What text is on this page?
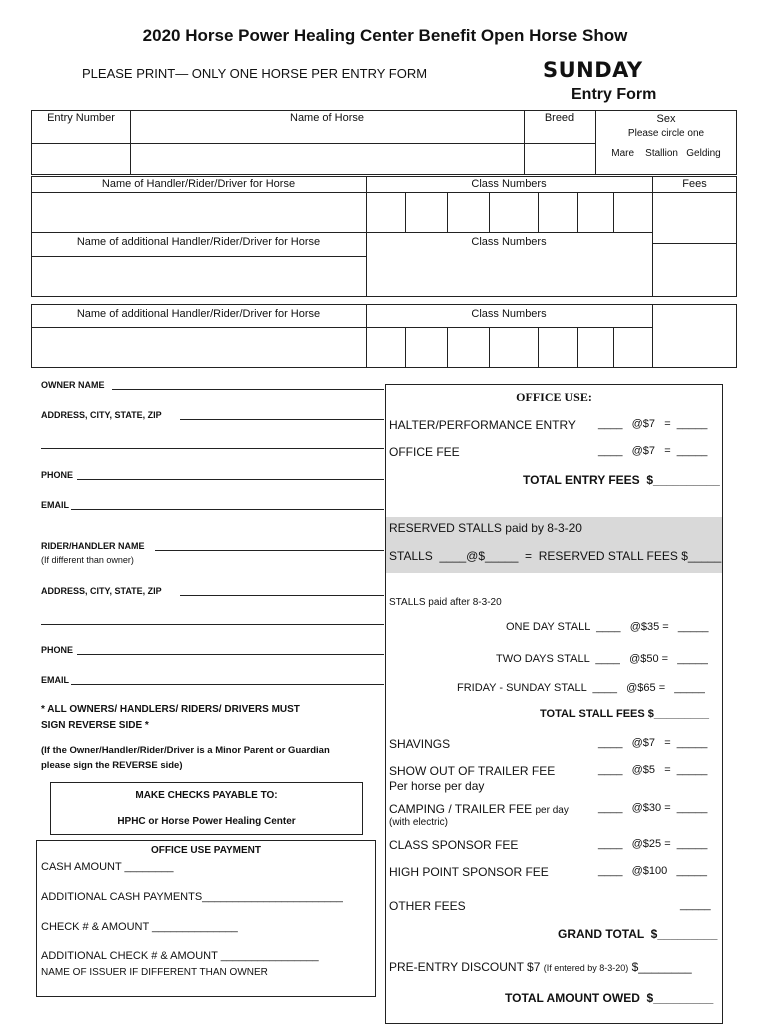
2020 Horse Power Healing Center Benefit Open Horse Show
PLEASE PRINT— ONLY ONE HORSE PER ENTRY FORM	SUNDAY
Entry Form
Entry Number	Name of Horse	Breed	Sex
Please circle one
Mare    Stallion   Gelding
Name of Handler/Rider/Driver for Horse	Class Numbers	Fees
Name of additional Handler/Rider/Driver for Horse	Class Numbers
Name of additional Handler/Rider/Driver for Horse	Class Numbers
OWNER NAME
ADDRESS, CITY, STATE, ZIP
PHONE
EMAIL
RIDER/HANDLER NAME
(If different than owner)
ADDRESS, CITY, STATE, ZIP
PHONE
EMAIL
* ALL OWNERS/ HANDLERS/ RIDERS/ DRIVERS MUST
SIGN REVERSE SIDE *
(If the Owner/Handler/Rider/Driver is a Minor Parent or Guardian
please sign the REVERSE side)
MAKE CHECKS PAYABLE TO:
HPHC or Horse Power Healing Center
OFFICE USE PAYMENT
CASH AMOUNT ________
ADDITIONAL CASH PAYMENTS_______________________
CHECK # & AMOUNT ______________
ADDITIONAL CHECK # & AMOUNT ________________
NAME OF ISSUER IF DIFFERENT THAN OWNER
OFFICE USE:
HALTER/PERFORMANCE ENTRY ____   @$7   =  _____
OFFICE FEE	____   @$7   =  _____
TOTAL ENTRY FEES  $__________
RESERVED STALLS paid by 8-3-20
STALLS  ____@$_____  =  RESERVED STALL FEES $_____
STALLS paid after 8-3-20
ONE DAY STALL  ____   @$35 =   _____
TWO DAYS STALL  ____   @$50 =   _____
FRIDAY - SUNDAY STALL  ____   @$65 =   _____
TOTAL STALL FEES $_________
SHAVINGS	____   @$7   =  _____
SHOW OUT OF TRAILER FEE
Per horse per day
____   @$5   =  _____
CAMPING / TRAILER FEE per day
(with electric)
____   @$30 =  _____
CLASS SPONSOR FEE	____   @$25 =  _____
HIGH POINT SPONSOR FEE	____   @$100   _____
OTHER FEES	_____
GRAND TOTAL  $_________
PRE-ENTRY DISCOUNT $7 (If entered by 8-3-20) $________
TOTAL AMOUNT OWED  $_________
